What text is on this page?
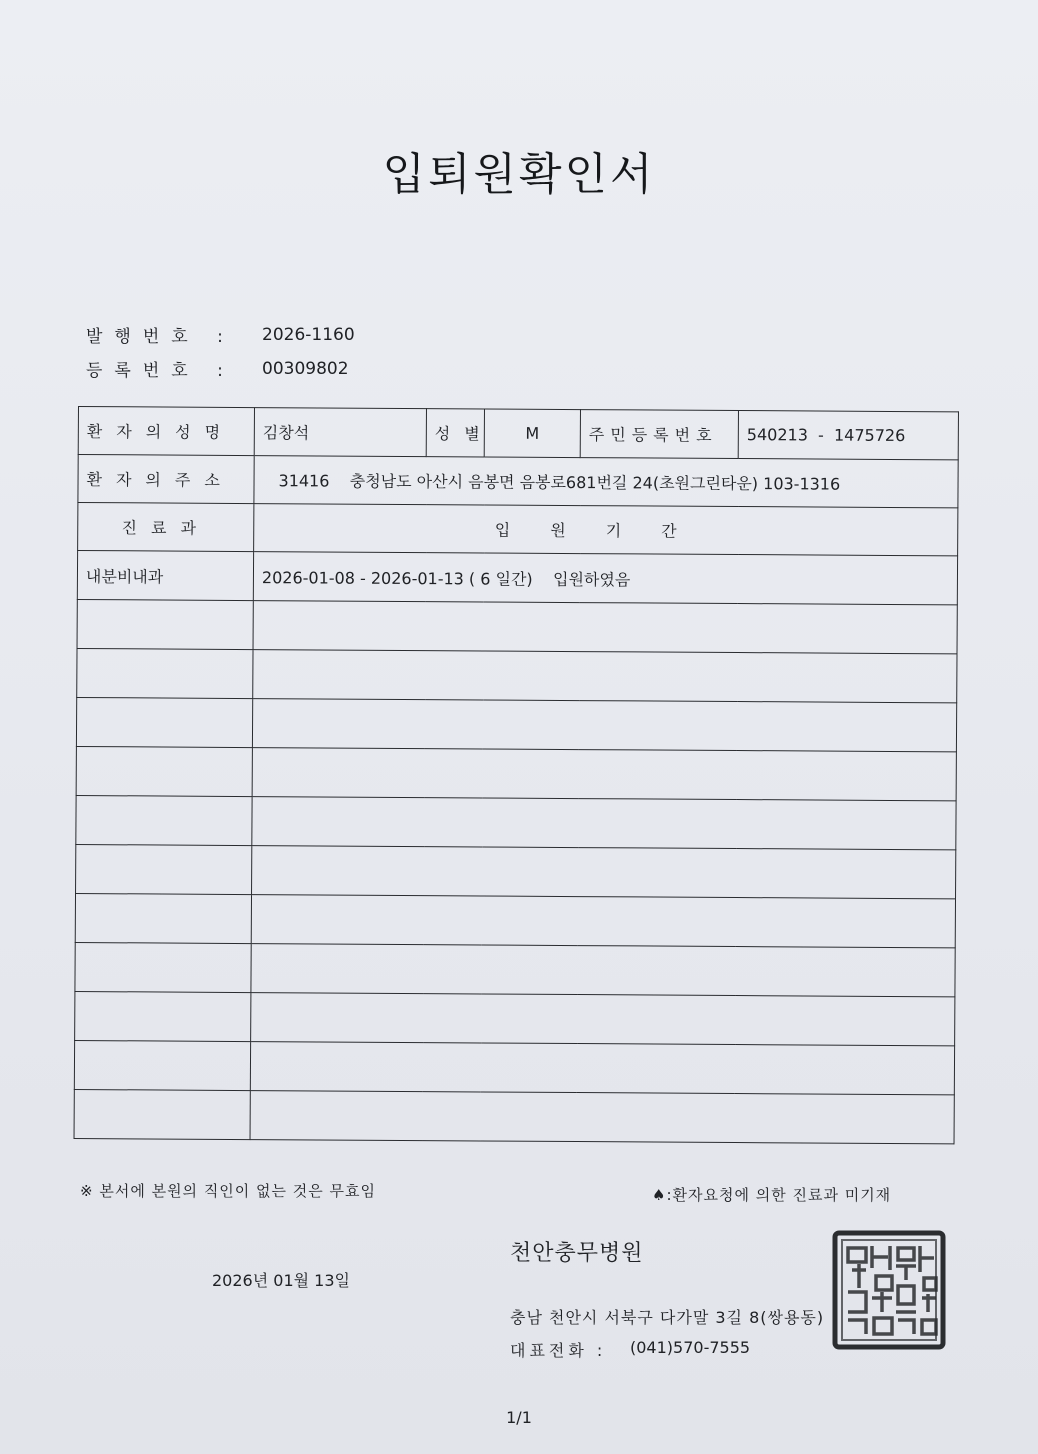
입퇴원확인서
발행번호 : 2026-1160
등록번호 : 00309802
환자의성명	김창석	성별	M	주민등록번호	540213  -  1475726
환자의주소	31416    충청남도 아산시 음봉면 음봉로681번길 24(초원그린타운) 103-1316				
진료과	입원기간				
내분비내과	2026-01-08 - 2026-01-13 ( 6 일간)    입원하였음				

※ 본서에 본원의 직인이 없는 것은 무효임	♠:환자요청에 의한 진료과 미기재
천안충무병원
2026년 01월 13일
충남 천안시 서북구 다가말 3길 8(쌍용동)
대표전화 :	(041)570-7555
1/1
